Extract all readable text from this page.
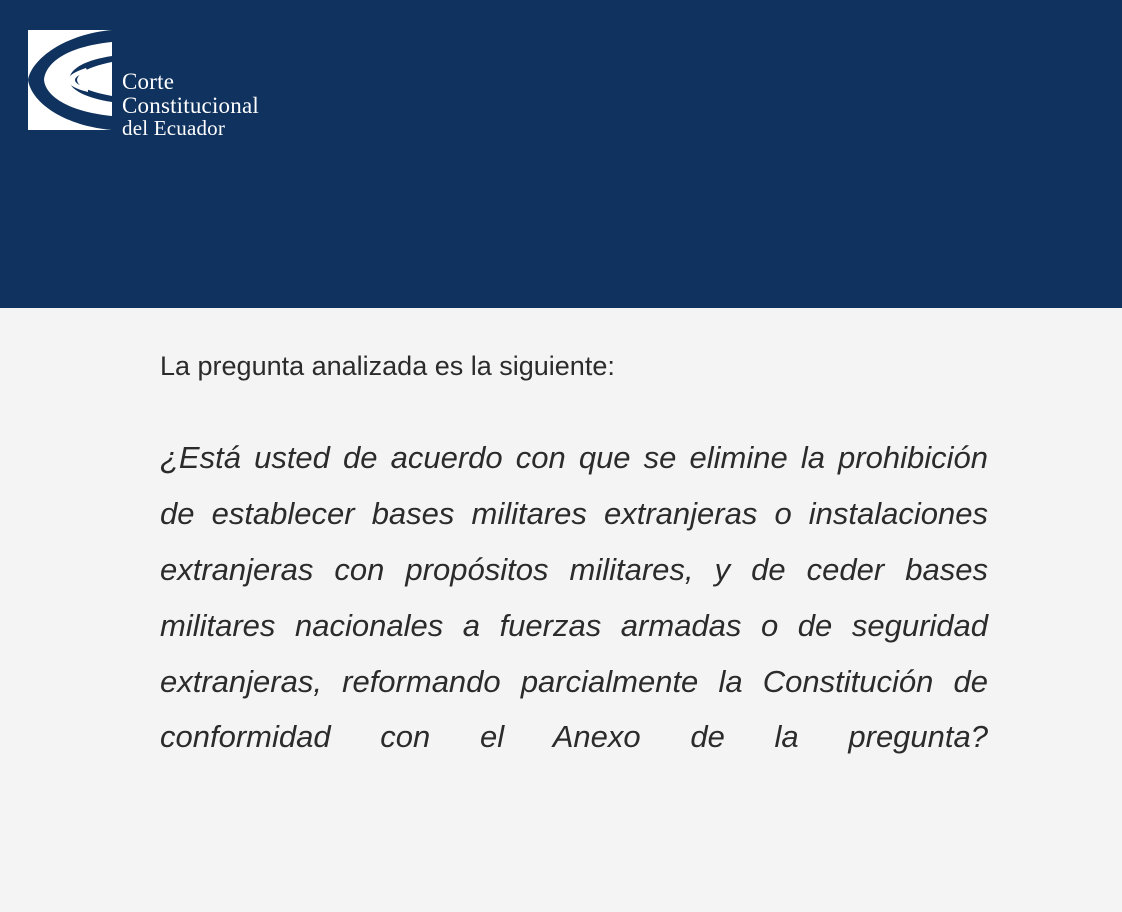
Corte
Constitucional
del Ecuador

La pregunta analizada es la siguiente:

¿Está usted de acuerdo con que se elimine la prohibición de establecer bases militares extranjeras o instalaciones extranjeras con propósitos militares, y de ceder bases militares nacionales a fuerzas armadas o de seguridad extranjeras, reformando parcialmente la Constitución de conformidad con el Anexo de la pregunta?
